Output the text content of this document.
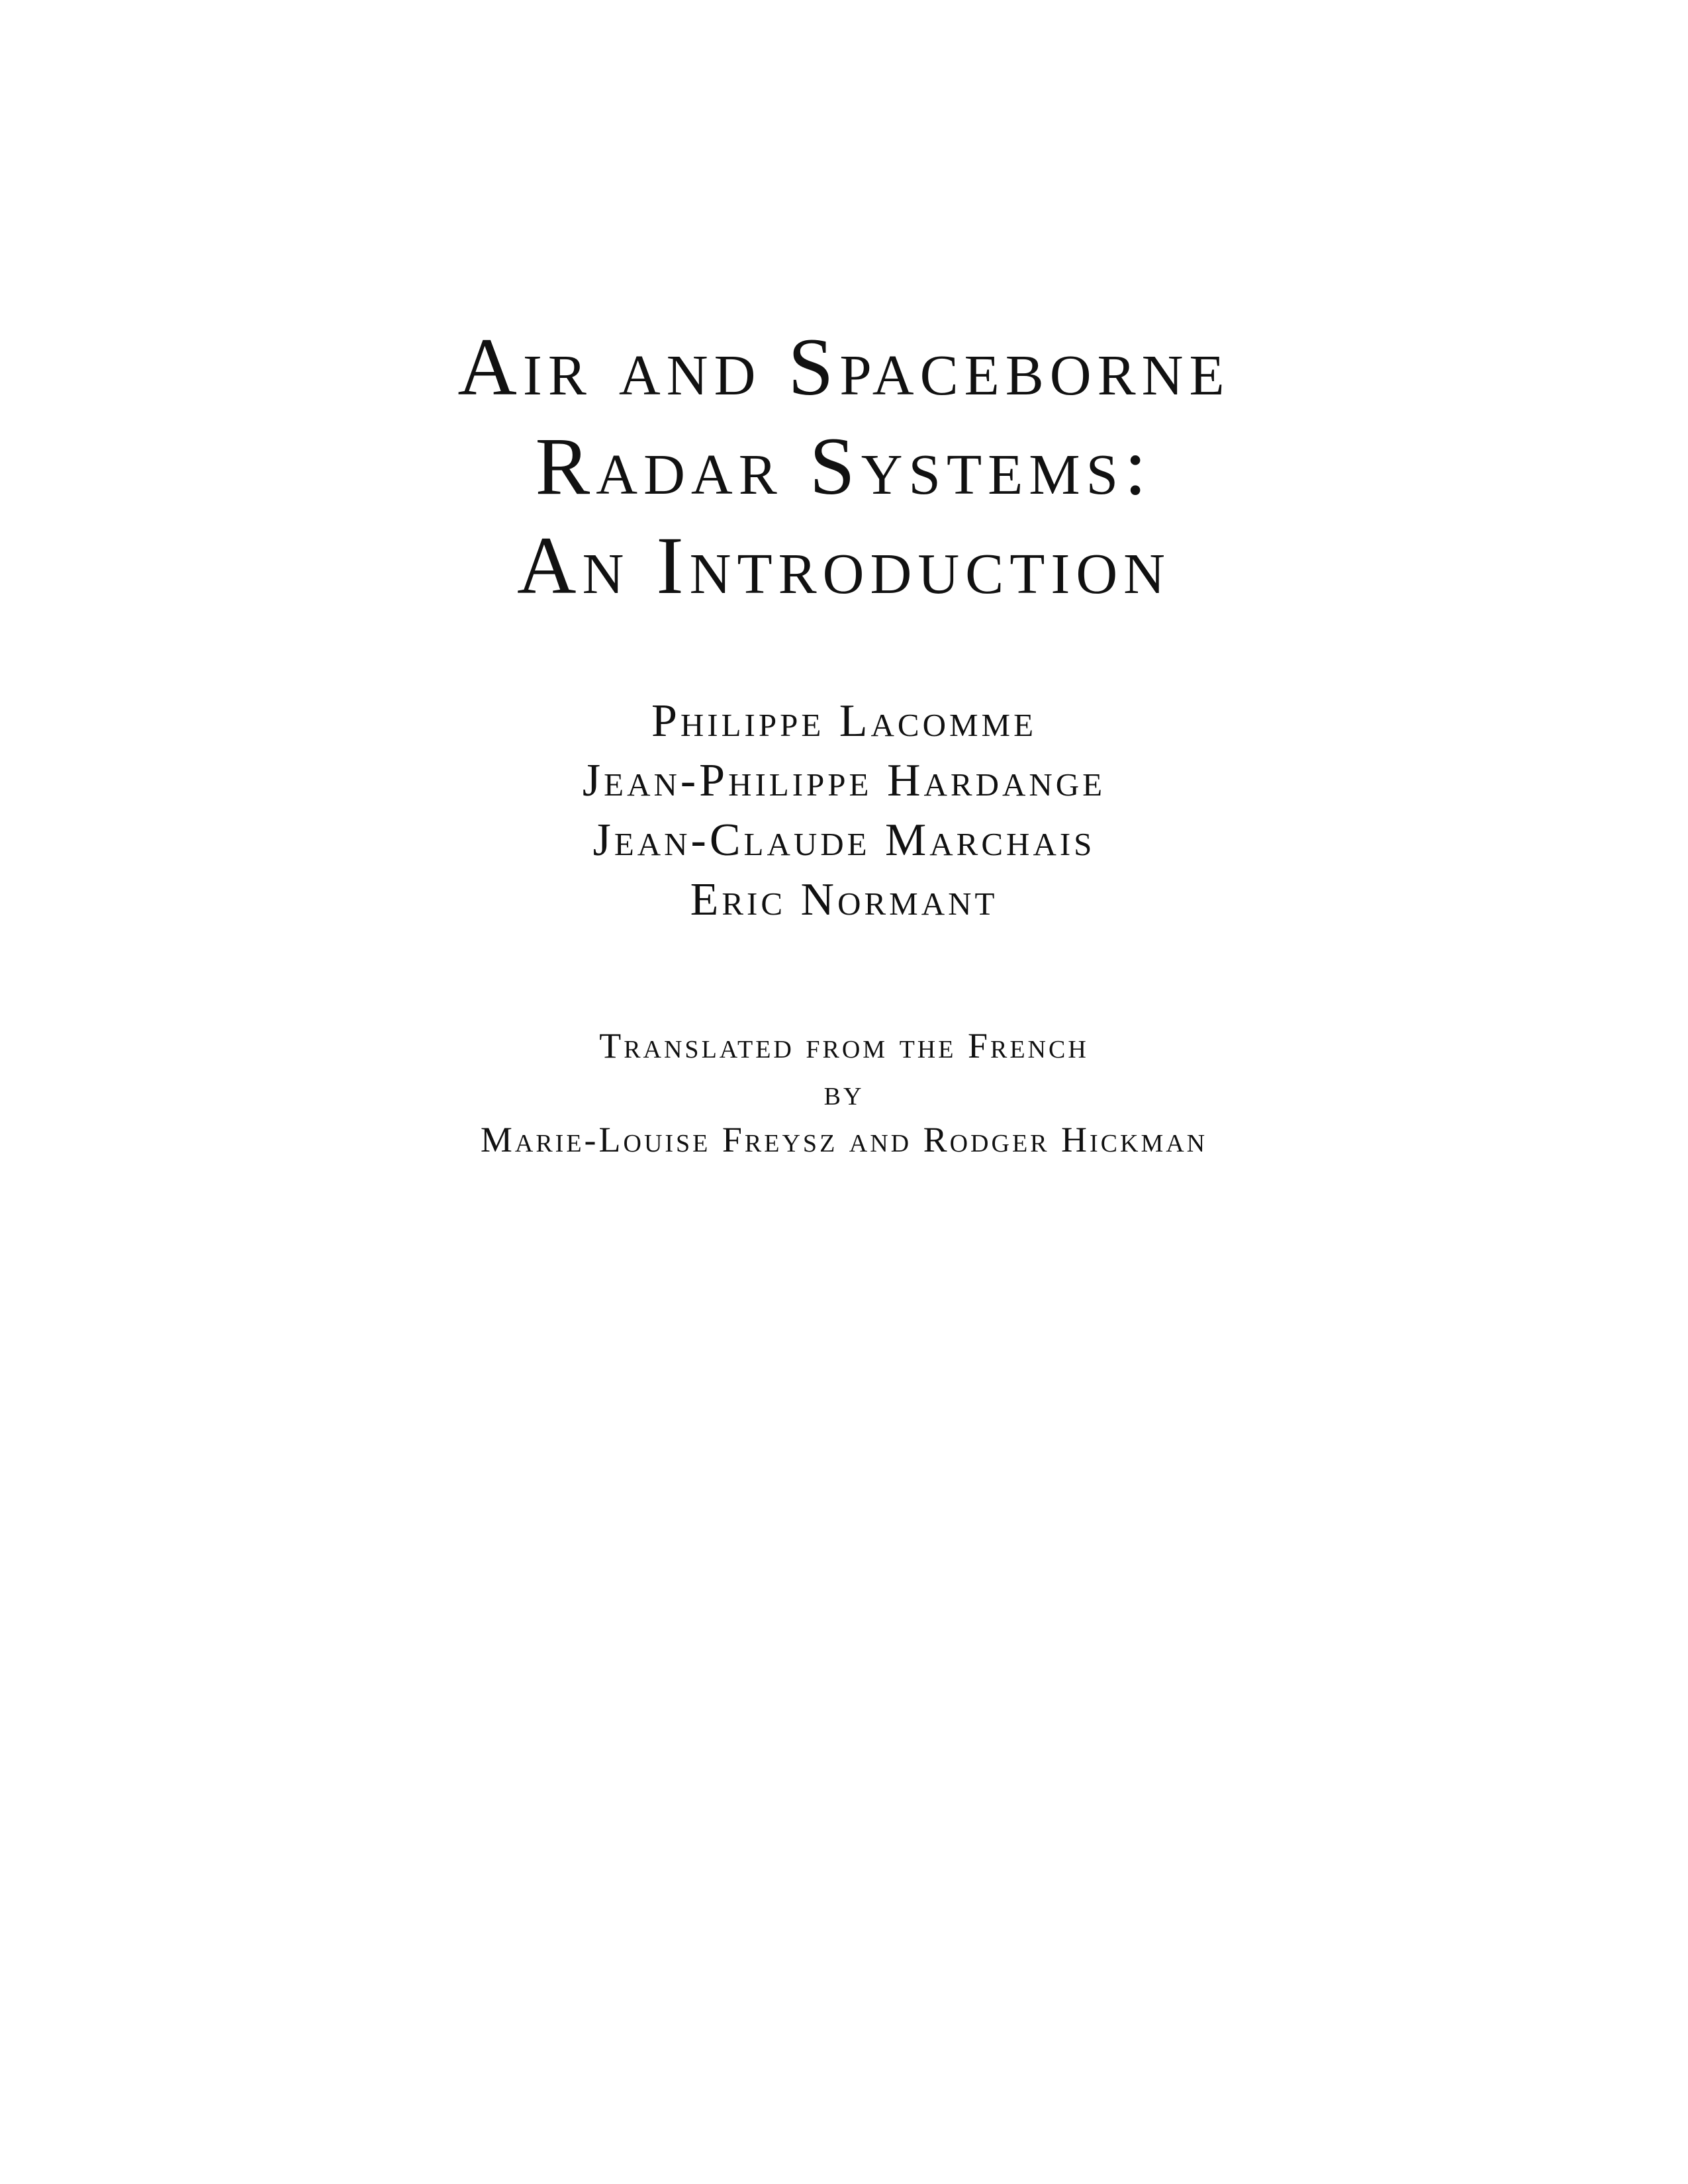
Air and Spaceborne
Radar Systems:
An Introduction
Philippe Lacomme
Jean-Philippe Hardange
Jean-Claude Marchais
Eric Normant
Translated from the French
by
Marie-Louise Freysz and Rodger Hickman
